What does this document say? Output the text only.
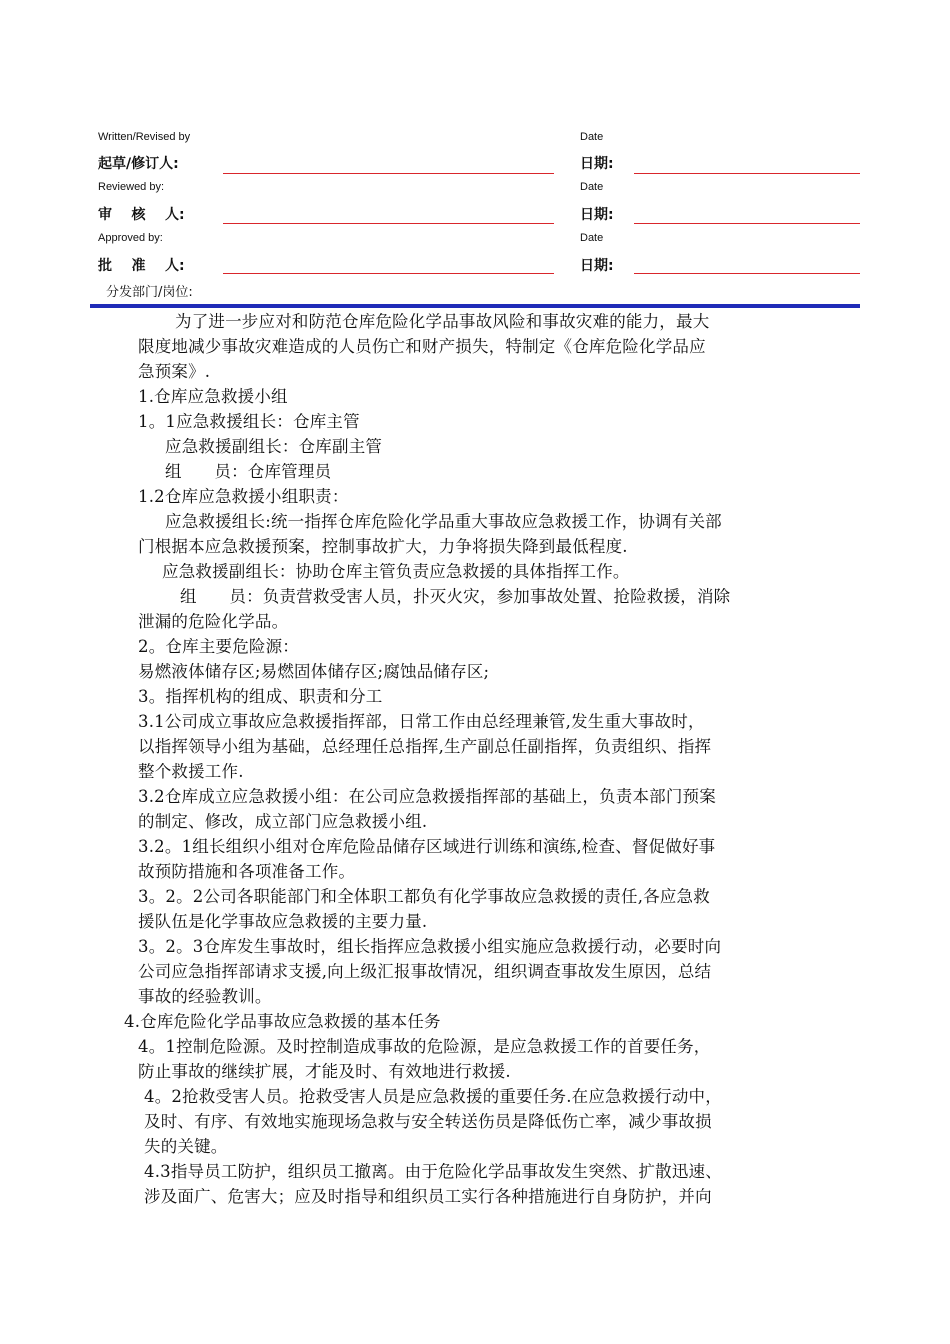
Written/Revised by
起草/修订人:
Date
日期:
Reviewed by:
审    核    人:
Date
日期:
Approved by:
批    准    人:
Date
日期:
分发部门/岗位:
为了进一步应对和防范仓库危险化学品事故风险和事故灾难的能力，最大
限度地减少事故灾难造成的人员伤亡和财产损失，特制定《仓库危险化学品应
急预案》.
1.仓库应急救援小组
1。1应急救援组长：仓库主管
应急救援副组长：仓库副主管
组      员：仓库管理员
1.2仓库应急救援小组职责：
应急救援组长:统一指挥仓库危险化学品重大事故应急救援工作，协调有关部
门根据本应急救援预案，控制事故扩大，力争将损失降到最低程度.
应急救援副组长：协助仓库主管负责应急救援的具体指挥工作。
组      员：负责营救受害人员，扑灭火灾，参加事故处置、抢险救援，消除
泄漏的危险化学品。
2。仓库主要危险源：
易燃液体储存区;易燃固体储存区;腐蚀品储存区;
3。指挥机构的组成、职责和分工
3.1公司成立事故应急救援指挥部，日常工作由总经理兼管,发生重大事故时，
以指挥领导小组为基础，总经理任总指挥,生产副总任副指挥，负责组织、指挥
整个救援工作.
3.2仓库成立应急救援小组：在公司应急救援指挥部的基础上，负责本部门预案
的制定、修改，成立部门应急救援小组.
3.2。1组长组织小组对仓库危险品储存区域进行训练和演练,检查、督促做好事
故预防措施和各项准备工作。
3。2。2公司各职能部门和全体职工都负有化学事故应急救援的责任,各应急救
援队伍是化学事故应急救援的主要力量.
3。2。3仓库发生事故时，组长指挥应急救援小组实施应急救援行动，必要时向
公司应急指挥部请求支援,向上级汇报事故情况，组织调查事故发生原因，总结
事故的经验教训。
4.仓库危险化学品事故应急救援的基本任务
4。1控制危险源。及时控制造成事故的危险源，是应急救援工作的首要任务，
防止事故的继续扩展，才能及时、有效地进行救援.
4。2抢救受害人员。抢救受害人员是应急救援的重要任务.在应急救援行动中，
及时、有序、有效地实施现场急救与安全转送伤员是降低伤亡率，减少事故损
失的关键。
4.3指导员工防护，组织员工撤离。由于危险化学品事故发生突然、扩散迅速、
涉及面广、危害大；应及时指导和组织员工实行各种措施进行自身防护，并向
